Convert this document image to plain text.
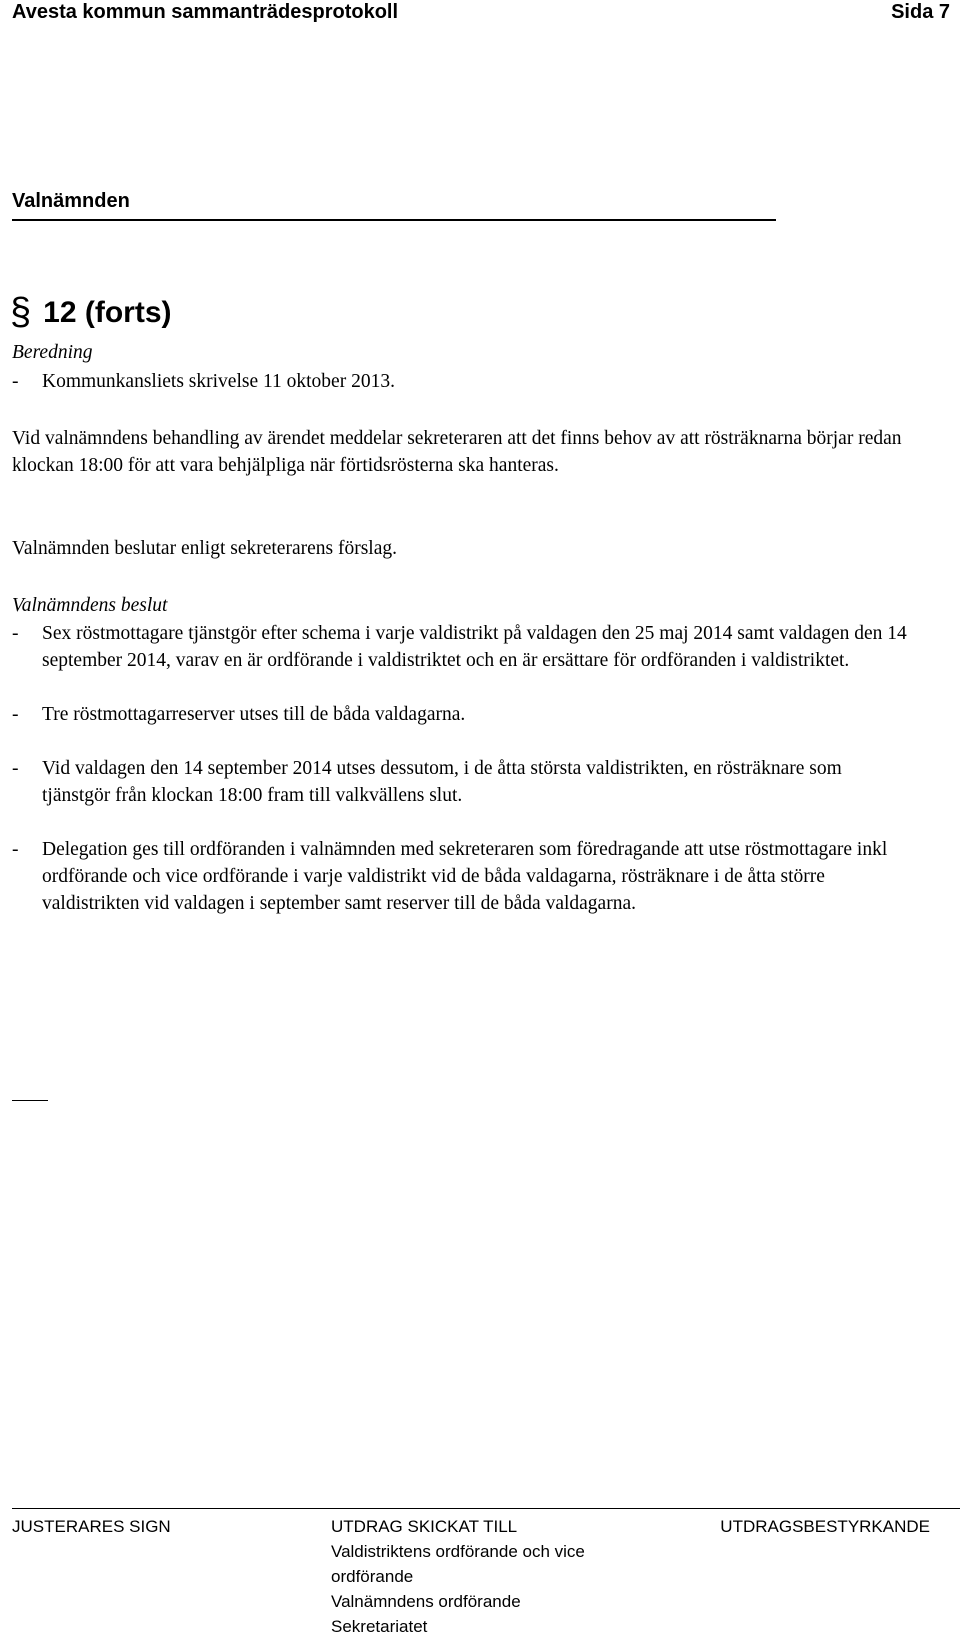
Avesta kommun sammanträdesprotokoll	Sida 7
Valnämnden
§ 12 (forts)
Beredning

- Kommunkansliets skrivelse 11 oktober 2013.

Vid valnämndens behandling av ärendet meddelar sekreteraren att det finns behov av att rösträknarna börjar redan klockan 18:00 för att vara behjälpliga när förtidsrösterna ska hanteras.
Valnämnden beslutar enligt sekreterarens förslag.
Valnämndens beslut

- Sex röstmottagare tjänstgör efter schema i varje valdistrikt på valdagen den 25 maj 2014 samt valdagen den 14 september 2014, varav en är ordförande i valdistriktet och en är ersättare för ordföranden i valdistriktet.

- Tre röstmottagarreserver utses till de båda valdagarna.

- Vid valdagen den 14 september 2014 utses dessutom, i de åtta största valdistrikten, en rösträknare som tjänstgör från klockan 18:00 fram till valkvällens slut.

- Delegation ges till ordföranden i valnämnden med sekreteraren som föredragande att utse röstmottagare inkl ordförande och vice ordförande i varje valdistrikt vid de båda valdagarna, rösträknare i de åtta större valdistrikten vid valdagen i september samt reserver till de båda valdagarna.

JUSTERARES SIGN	UTDRAG SKICKAT TILL
Valdistriktens ordförande och vice
ordförande
Valnämndens ordförande
Sekretariatet
UTDRAGSBESTYRKANDE
